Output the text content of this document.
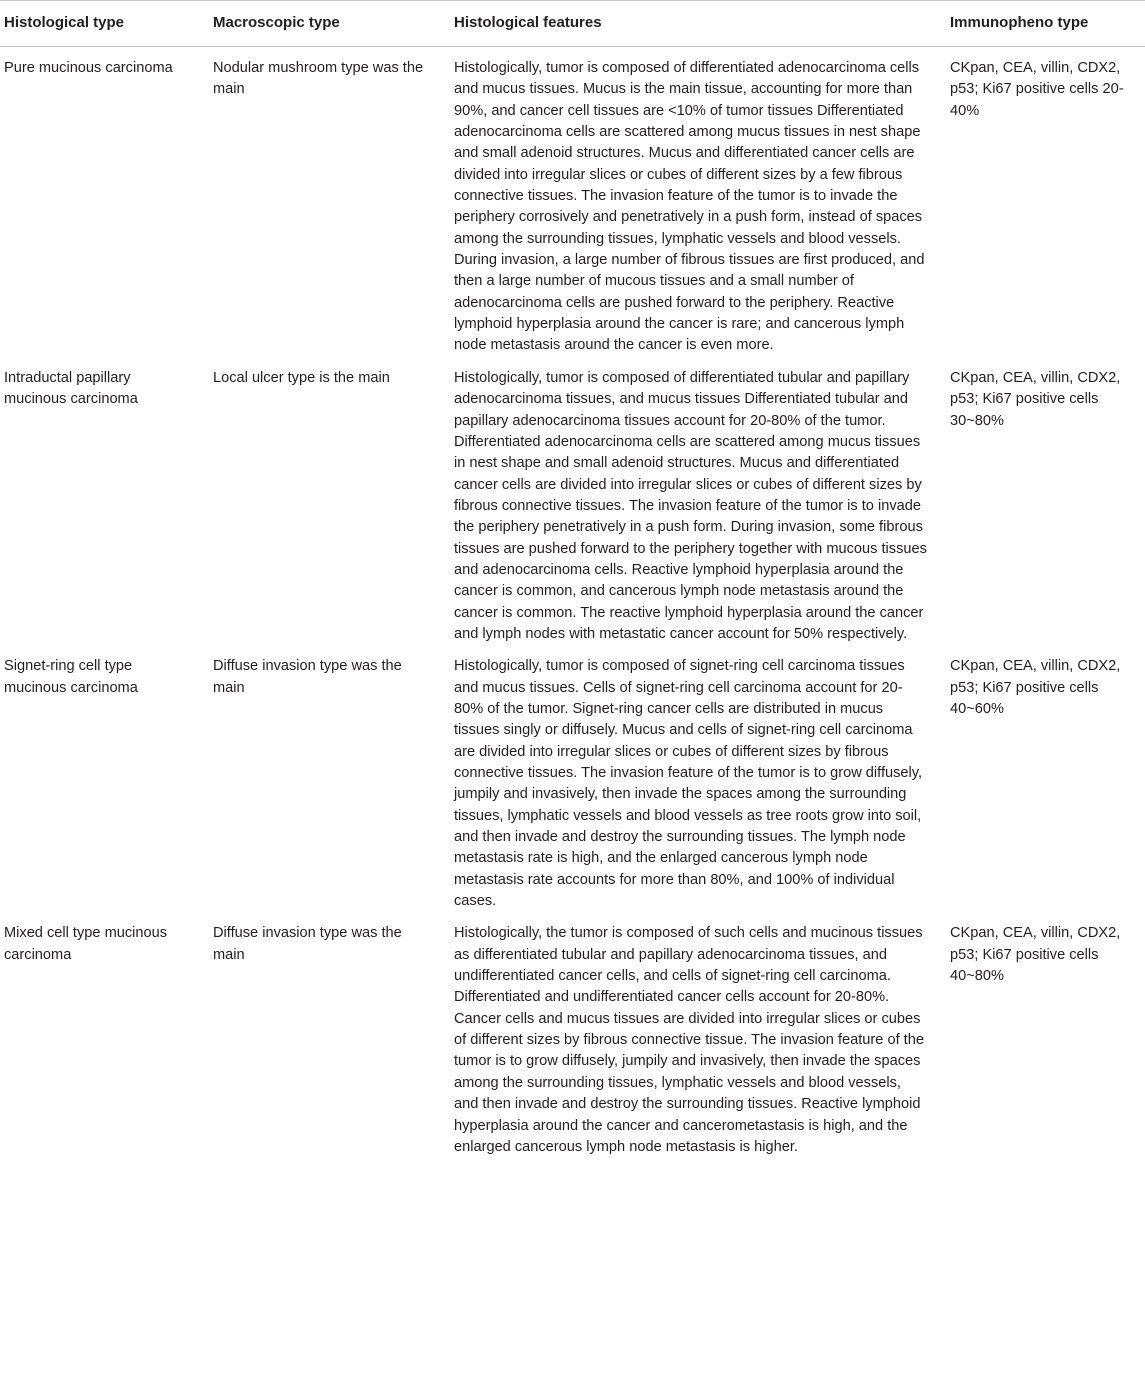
Histological type	Macroscopic type	Histological features	Immunopheno type
Pure mucinous carcinoma	Nodular mushroom type was the main	Histologically, tumor is composed of differentiated adenocarcinoma cells and mucus tissues. Mucus is the main tissue, accounting for more than 90%, and cancer cell tissues are <10% of tumor tissues Differentiated adenocarcinoma cells are scattered among mucus tissues in nest shape and small adenoid structures. Mucus and differentiated cancer cells are divided into irregular slices or cubes of different sizes by a few fibrous connective tissues. The invasion feature of the tumor is to invade the periphery corrosively and penetratively in a push form, instead of spaces among the surrounding tissues, lymphatic vessels and blood vessels. During invasion, a large number of fibrous tissues are first produced, and then a large number of mucous tissues and a small number of adenocarcinoma cells are pushed forward to the periphery. Reactive lymphoid hyperplasia around the cancer is rare; and cancerous lymph node metastasis around the cancer is even more.	CKpan, CEA, villin, CDX2, p53; Ki67 positive cells 20-40%
Intraductal papillary mucinous carcinoma	Local ulcer type is the main	Histologically, tumor is composed of differentiated tubular and papillary adenocarcinoma tissues, and mucus tissues Differentiated tubular and papillary adenocarcinoma tissues account for 20-80% of the tumor. Differentiated adenocarcinoma cells are scattered among mucus tissues in nest shape and small adenoid structures. Mucus and differentiated cancer cells are divided into irregular slices or cubes of different sizes by fibrous connective tissues. The invasion feature of the tumor is to invade the periphery penetratively in a push form. During invasion, some fibrous tissues are pushed forward to the periphery together with mucous tissues and adenocarcinoma cells. Reactive lymphoid hyperplasia around the cancer is common, and cancerous lymph node metastasis around the cancer is common. The reactive lymphoid hyperplasia around the cancer and lymph nodes with metastatic cancer account for 50% respectively.	CKpan, CEA, villin, CDX2, p53; Ki67 positive cells 30~80%
Signet-ring cell type mucinous carcinoma	Diffuse invasion type was the main	Histologically, tumor is composed of signet-ring cell carcinoma tissues and mucus tissues. Cells of signet-ring cell carcinoma account for 20-80% of the tumor. Signet-ring cancer cells are distributed in mucus tissues singly or diffusely. Mucus and cells of signet-ring cell carcinoma are divided into irregular slices or cubes of different sizes by fibrous connective tissues. The invasion feature of the tumor is to grow diffusely, jumpily and invasively, then invade the spaces among the surrounding tissues, lymphatic vessels and blood vessels as tree roots grow into soil, and then invade and destroy the surrounding tissues. The lymph node metastasis rate is high, and the enlarged cancerous lymph node metastasis rate accounts for more than 80%, and 100% of individual cases.	CKpan, CEA, villin, CDX2, p53; Ki67 positive cells 40~60%
Mixed cell type mucinous carcinoma	Diffuse invasion type was the main	Histologically, the tumor is composed of such cells and mucinous tissues as differentiated tubular and papillary adenocarcinoma tissues, and undifferentiated cancer cells, and cells of signet-ring cell carcinoma. Differentiated and undifferentiated cancer cells account for 20-80%. Cancer cells and mucus tissues are divided into irregular slices or cubes of different sizes by fibrous connective tissue. The invasion feature of the tumor is to grow diffusely, jumpily and invasively, then invade the spaces among the surrounding tissues, lymphatic vessels and blood vessels, and then invade and destroy the surrounding tissues. Reactive lymphoid hyperplasia around the cancer and cancerometastasis is high, and the enlarged cancerous lymph node metastasis is higher.	CKpan, CEA, villin, CDX2, p53; Ki67 positive cells 40~80%
